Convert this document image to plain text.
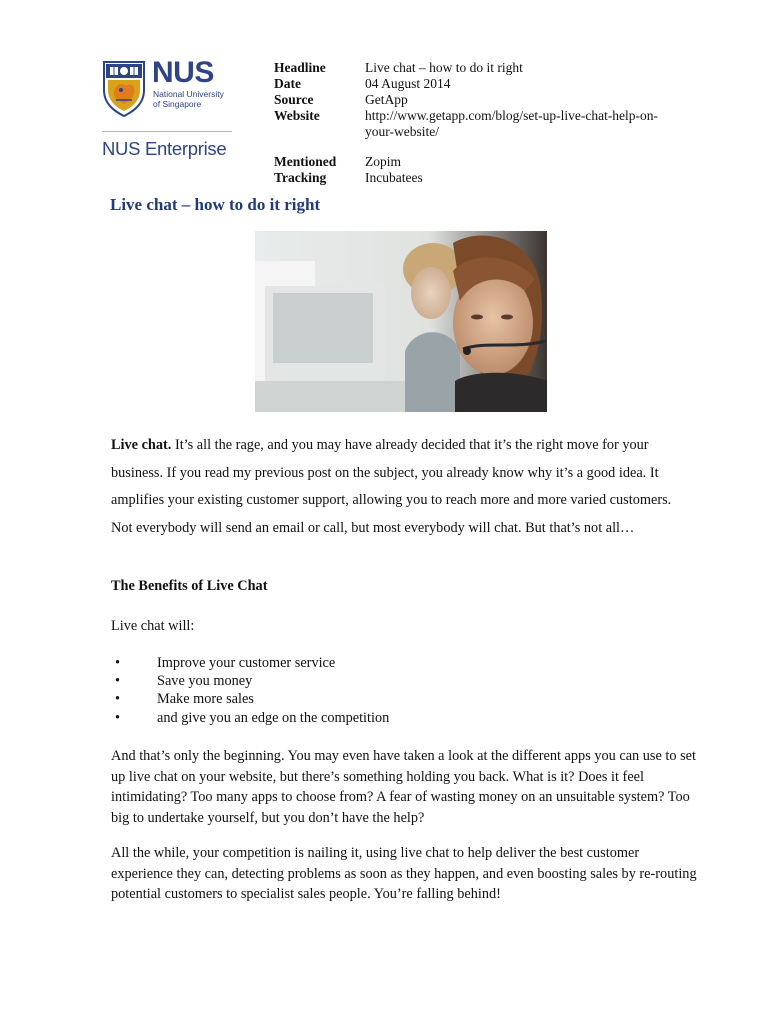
NUS
National University
of Singapore
NUS Enterprise
Headline	Live chat – how to do it right
Date	04 August 2014
Source	GetApp
Website	http://www.getapp.com/blog/set-up-live-chat-help-on-your-website/
Mentioned	Zopim
Tracking	Incubatees
Live chat – how to do it right

Live chat. It’s all the rage, and you may have already decided that it’s the right move for your business. If you read my previous post on the subject, you already know why it’s a good idea. It amplifies your existing customer support, allowing you to reach more and more varied customers. Not everybody will send an email or call, but most everybody will chat. But that’s not all…

The Benefits of Live Chat

Live chat will:

•	Improve your customer service
•	Save you money
•	Make more sales
•	and give you an edge on the competition

And that’s only the beginning. You may even have taken a look at the different apps you can use to set up live chat on your website, but there’s something holding you back. What is it? Does it feel intimidating? Too many apps to choose from? A fear of wasting money on an unsuitable system? Too big to undertake yourself, but you don’t have the help?

All the while, your competition is nailing it, using live chat to help deliver the best customer experience they can, detecting problems as soon as they happen, and even boosting sales by re-routing potential customers to specialist sales people. You’re falling behind!
